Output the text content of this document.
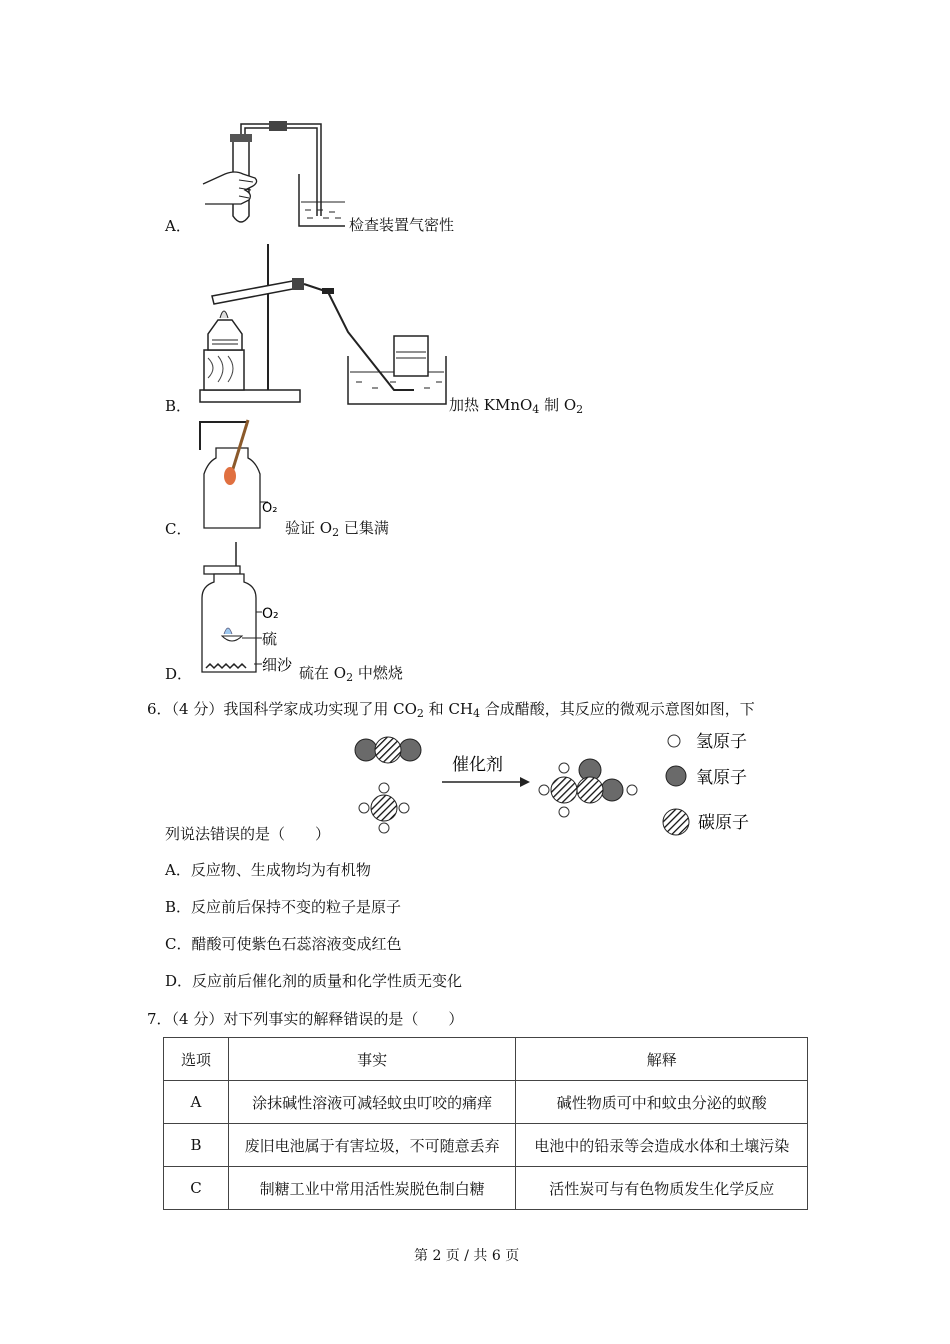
A．	检查装置气密性
B．	加热 KMnO$_4$ 制 $O_2$
O₂
C．	验证 $O_2$ 已集满
O₂
硫
细沙
D．	硫在 $O_2$ 中燃烧
6．（4 分）我国科学家成功实现了用 $CO_2$ 和 $CH_4$ 合成醋酸，其反应的微观示意图如图，下
催化剂
氢原子
氧原子
碳原子
列说法错误的是（　　）
A．反应物、生成物均为有机物
B．反应前后保持不变的粒子是原子
C．醋酸可使紫色石蕊溶液变成红色
D．反应前后催化剂的质量和化学性质无变化
7．（4 分）对下列事实的解释错误的是（　　）
选项	事实	解释
A	涂抹碱性溶液可减轻蚊虫叮咬的痛痒	碱性物质可中和蚊虫分泌的蚁酸
B	废旧电池属于有害垃圾，不可随意丢弃	电池中的铅汞等会造成水体和土壤污染
C	制糖工业中常用活性炭脱色制白糖	活性炭可与有色物质发生化学反应
第 2 页 / 共 6 页
